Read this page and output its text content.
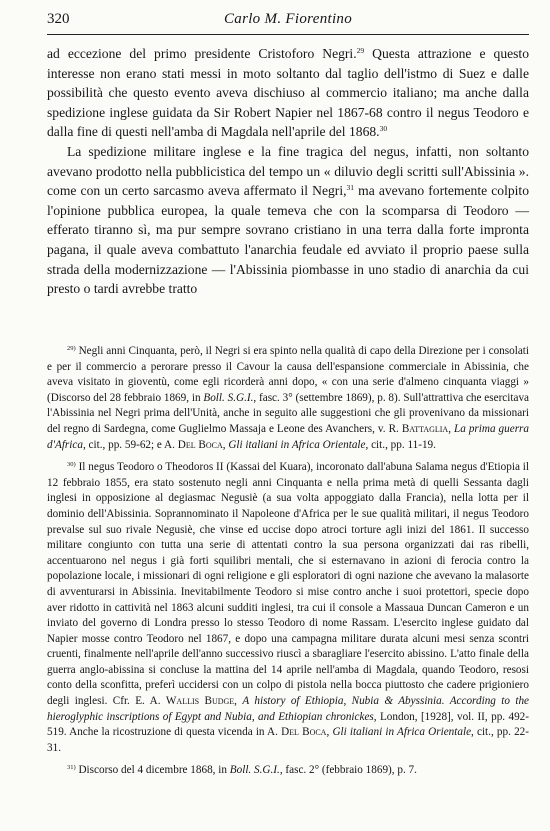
320	Carlo M. Fiorentino

ad eccezione del primo presidente Cristoforo Negri.$^{29}$ Questa attrazione e questo interesse non erano stati messi in moto soltanto dal taglio dell'istmo di Suez e dalle possibilità che questo evento aveva dischiuso al commercio italiano; ma anche dalla spedizione inglese guidata da Sir Robert Napier nel 1867-68 contro il negus Teodoro e dalla fine di questi nell'amba di Magdala nell'aprile del 1868.30

La spedizione militare inglese e la fine tragica del negus, infatti, non soltanto avevano prodotto nella pubblicistica del tempo un « diluvio degli scritti sull'Abissinia ». come con un certo sarcasmo aveva affermato il Negri,$^{31}$ ma avevano fortemente colpito l'opinione pubblica europea, la quale temeva che con la scomparsa di Teodoro — efferato tiranno sì, ma pur sempre sovrano cristiano in una terra dalla forte impronta pagana, il quale aveva combattuto l'anarchia feudale ed avviato il proprio paese sulla strada della modernizzazione — l'Abissinia piombasse in uno stadio di anarchia da cui presto o tardi avrebbe tratto

$^{29)}$ Negli anni Cinquanta, però, il Negri si era spinto nella qualità di capo della Direzione per i consolati e per il commercio a perorare presso il Cavour la causa dell'espansione commerciale in Abissinia, che aveva visitato in gioventù, come egli ricorderà anni dopo, « con una serie d'almeno cinquanta viaggi » (Discorso del 28 febbraio 1869, in Boll. S.G.I., fasc. 3° (settembre 1869), p. 8). Sull'attrattiva che esercitava l'Abissinia nel Negri prima dell'Unità, anche in seguito alle suggestioni che gli provenivano da missionari del regno di Sardegna, come Guglielmo Massaja e Leone des Avanchers, v. R. Battaglia, La prima guerra d'Africa, cit., pp. 59-62; e A. Del Boca, Gli italiani in Africa Orientale, cit., pp. 11-19.

$^{30)}$ Il negus Teodoro o Theodoros II (Kassai del Kuara), incoronato dall'abuna Salama negus d'Etiopia il 12 febbraio 1855, era stato sostenuto negli anni Cinquanta e nella prima metà di quelli Sessanta dagli inglesi in opposizione al degiasmac Negusiè (a sua volta appoggiato dalla Francia), nella lotta per il dominio dell'Abissinia. Soprannominato il Napoleone d'Africa per le sue qualità militari, il negus Teodoro prevalse sul suo rivale Negusiè, che vinse ed uccise dopo atroci torture agli inizi del 1861. Il successo militare congiunto con tutta una serie di attentati contro la sua persona organizzati dai ras ribelli, accentuarono nel negus i già forti squilibri mentali, che si esternavano in azioni di ferocia contro la popolazione locale, i missionari di ogni religione e gli esploratori di ogni nazione che avevano la malasorte di avventurarsi in Abissinia. Inevitabilmente Teodoro si mise contro anche i suoi protettori, specie dopo aver ridotto in cattività nel 1863 alcuni sudditi inglesi, tra cui il console a Massaua Duncan Cameron e un inviato del governo di Londra presso lo stesso Teodoro di nome Rassam. L'esercito inglese guidato dal Napier mosse contro Teodoro nel 1867, e dopo una campagna militare durata alcuni mesi senza scontri cruenti, finalmente nell'aprile dell'anno successivo riuscì a sbaragliare l'esercito abissino. L'atto finale della guerra anglo-abissina si concluse la mattina del 14 aprile nell'amba di Magdala, quando Teodoro, resosi conto della sconfitta, preferì uccidersi con un colpo di pistola nella bocca piuttosto che cadere prigioniero degli inglesi. Cfr. E. A. Wallis Budge, A history of Ethiopia, Nubia & Abyssinia. According to the hieroglyphic inscriptions of Egypt and Nubia, and Ethiopian chronickes, London, [1928], vol. II, pp. 492-519. Anche la ricostruzione di questa vicenda in A. Del Boca, Gli italiani in Africa Orientale, cit., pp. 22-31.

$^{31)}$ Discorso del 4 dicembre 1868, in Boll. S.G.I., fasc. 2° (febbraio 1869), p. 7.
